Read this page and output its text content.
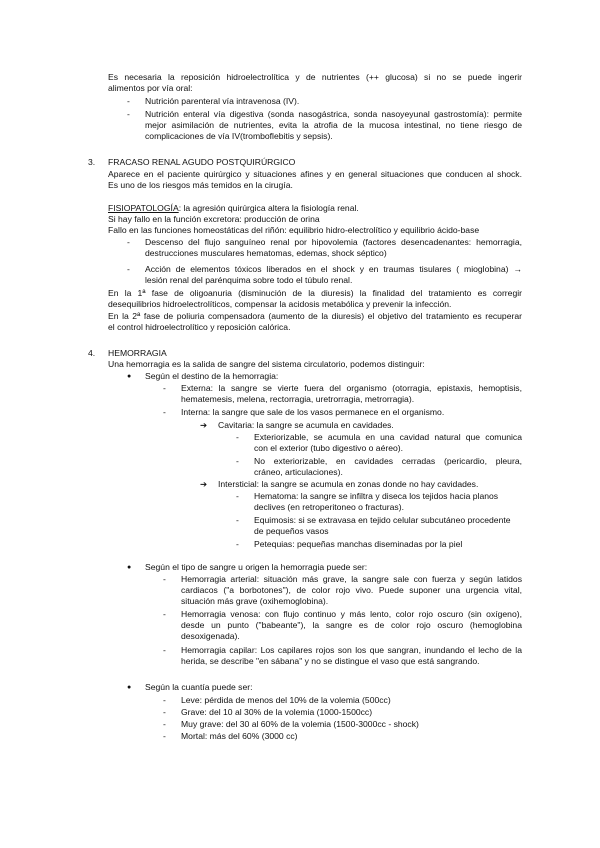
Es necesaria la reposición hidroelectrolítica y de nutrientes (++ glucosa) si no se puede ingerir
alimentos por vía oral:
- Nutrición parenteral vía intravenosa (IV).
- Nutrición enteral vía digestiva (sonda nasogástrica, sonda nasoyeyunal gastrostomía): permite
mejor asimilación de nutrientes, evita la atrofia de la mucosa intestinal, no tiene riesgo de
complicaciones de vía IV(tromboflebitis y sepsis).
3. FRACASO RENAL AGUDO POSTQUIRÚRGICO
Aparece en el paciente quirúrgico y situaciones afines y en general situaciones que conducen al shock.
Es uno de los riesgos más temidos en la cirugía.
FISIOPATOLOGÍA: la agresión quirúrgica altera la fisiología renal.
Si hay fallo en la función excretora: producción de orina
Fallo en las funciones homeostáticas del riñón: equilibrio hidro-electrolítico y equilibrio ácido-base
- Descenso del flujo sanguíneo renal por hipovolemia (factores desencadenantes: hemorragia,
destrucciones musculares hematomas, edemas, shock séptico)
- Acción de elementos tóxicos liberados en el shock y en traumas tisulares ( mioglobina) →
lesión renal del parénquima sobre todo el túbulo renal.
En la 1ª fase de oligoanuria (disminución de la diuresis) la finalidad del tratamiento es corregir
desequilibrios hidroelectrolíticos, compensar la acidosis metabólica y prevenir la infección.
En la 2ª fase de poliuria compensadora (aumento de la diuresis) el objetivo del tratamiento es recuperar
el control hidroelectrolítico y reposición calórica.
4. HEMORRAGIA
Una hemorragia es la salida de sangre del sistema circulatorio, podemos distinguir:
● Según el destino de la hemorragia:
- Externa: la sangre se vierte fuera del organismo (otorragia, epistaxis, hemoptisis,
hematemesis, melena, rectorragia, uretrorragia, metrorragia).
- Interna: la sangre que sale de los vasos permanece en el organismo.
➔ Cavitaria: la sangre se acumula en cavidades.
- Exteriorizable, se acumula en una cavidad natural que comunica
con el exterior (tubo digestivo o aéreo).
- No exteriorizable, en cavidades cerradas (pericardio, pleura,
cráneo, articulaciones).
➔ Intersticial: la sangre se acumula en zonas donde no hay cavidades.
- Hematoma: la sangre se infiltra y diseca los tejidos hacia planos
declives (en retroperitoneo o fracturas).
- Equimosis: si se extravasa en tejido celular subcutáneo procedente
de pequeños vasos
- Petequias: pequeñas manchas diseminadas por la piel
● Según el tipo de sangre u origen la hemorragia puede ser:
- Hemorragia arterial: situación más grave, la sangre sale con fuerza y según latidos
cardiacos ("a borbotones"), de color rojo vivo. Puede suponer una urgencia vital,
situación más grave (oxihemoglobina).
- Hemorragia venosa: con flujo continuo y más lento, color rojo oscuro (sin oxígeno),
desde un punto ("babeante"), la sangre es de color rojo oscuro (hemoglobina
desoxigenada).
- Hemorragia capilar: Los capilares rojos son los que sangran, inundando el lecho de la
herida, se describe "en sábana" y no se distingue el vaso que está sangrando.
● Según la cuantía puede ser:
- Leve: pérdida de menos del 10% de la volemia (500cc)
- Grave: del 10 al 30% de la volemia (1000-1500cc)
- Muy grave: del 30 al 60% de la volemia (1500-3000cc - shock)
- Mortal: más del 60% (3000 cc)
